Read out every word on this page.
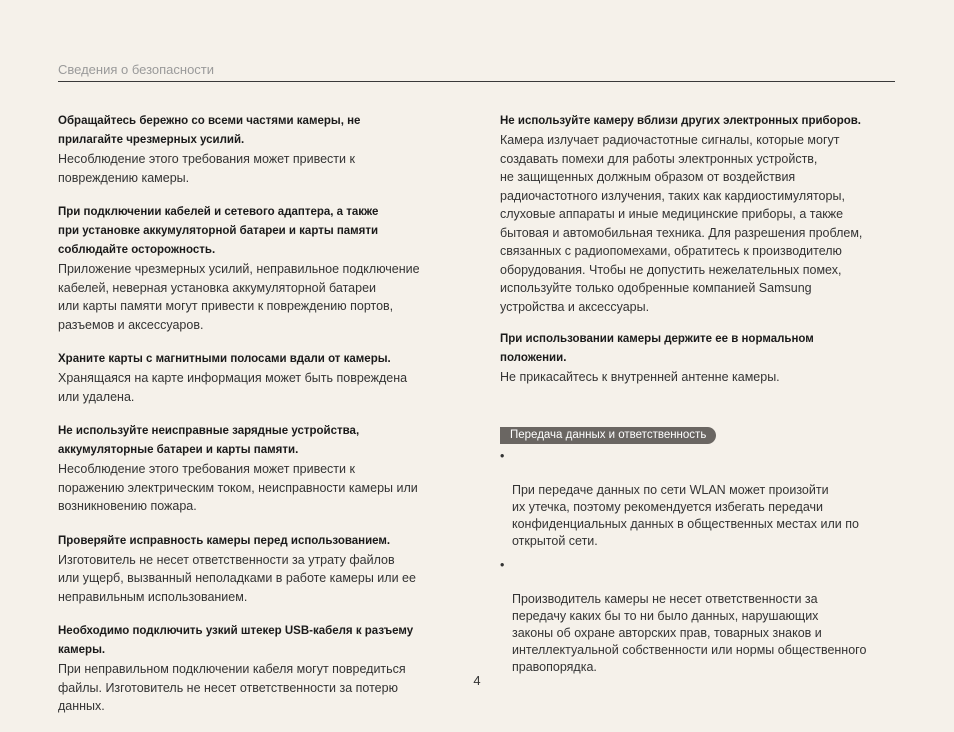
Сведения о безопасности
Обращайтесь бережно со всеми частями камеры, не
прилагайте чрезмерных усилий.
Несоблюдение этого требования может привести к
повреждению камеры.
При подключении кабелей и сетевого адаптера, а также
при установке аккумуляторной батареи и карты памяти
соблюдайте осторожность.
Приложение чрезмерных усилий, неправильное подключение
кабелей, неверная установка аккумуляторной батареи
или карты памяти могут привести к повреждению портов,
разъемов и аксессуаров.
Храните карты с магнитными полосами вдали от камеры.
Хранящаяся на карте информация может быть повреждена
или удалена.
Не используйте неисправные зарядные устройства,
аккумуляторные батареи и карты памяти.
Несоблюдение этого требования может привести к
поражению электрическим током, неисправности камеры или
возникновению пожара.
Проверяйте исправность камеры перед использованием.
Изготовитель не несет ответственности за утрату файлов
или ущерб, вызванный неполадками в работе камеры или ее
неправильным использованием.
Необходимо подключить узкий штекер USB-кабеля к разъему
камеры.
При неправильном подключении кабеля могут повредиться
файлы. Изготовитель не несет ответственности за потерю
данных.
Не используйте камеру вблизи других электронных приборов.
Камера излучает радиочастотные сигналы, которые могут
создавать помехи для работы электронных устройств,
не защищенных должным образом от воздействия
радиочастотного излучения, таких как кардиостимуляторы,
слуховые аппараты и иные медицинские приборы, а также
бытовая и автомобильная техника. Для разрешения проблем,
связанных с радиопомехами, обратитесь к производителю
оборудования. Чтобы не допустить нежелательных помех,
используйте только одобренные компанией Samsung
устройства и аксессуары.
При использовании камеры держите ее в нормальном
положении.
Не прикасайтесь к внутренней антенне камеры.
Передача данных и ответственность

•

При передаче данных по сети WLAN может произойти
их утечка, поэтому рекомендуется избегать передачи
конфиденциальных данных в общественных местах или по
открытой сети.

•

Производитель камеры не несет ответственности за
передачу каких бы то ни было данных, нарушающих
законы об охране авторских прав, товарных знаков и
интеллектуальной собственности или нормы общественного
правопорядка.

4
